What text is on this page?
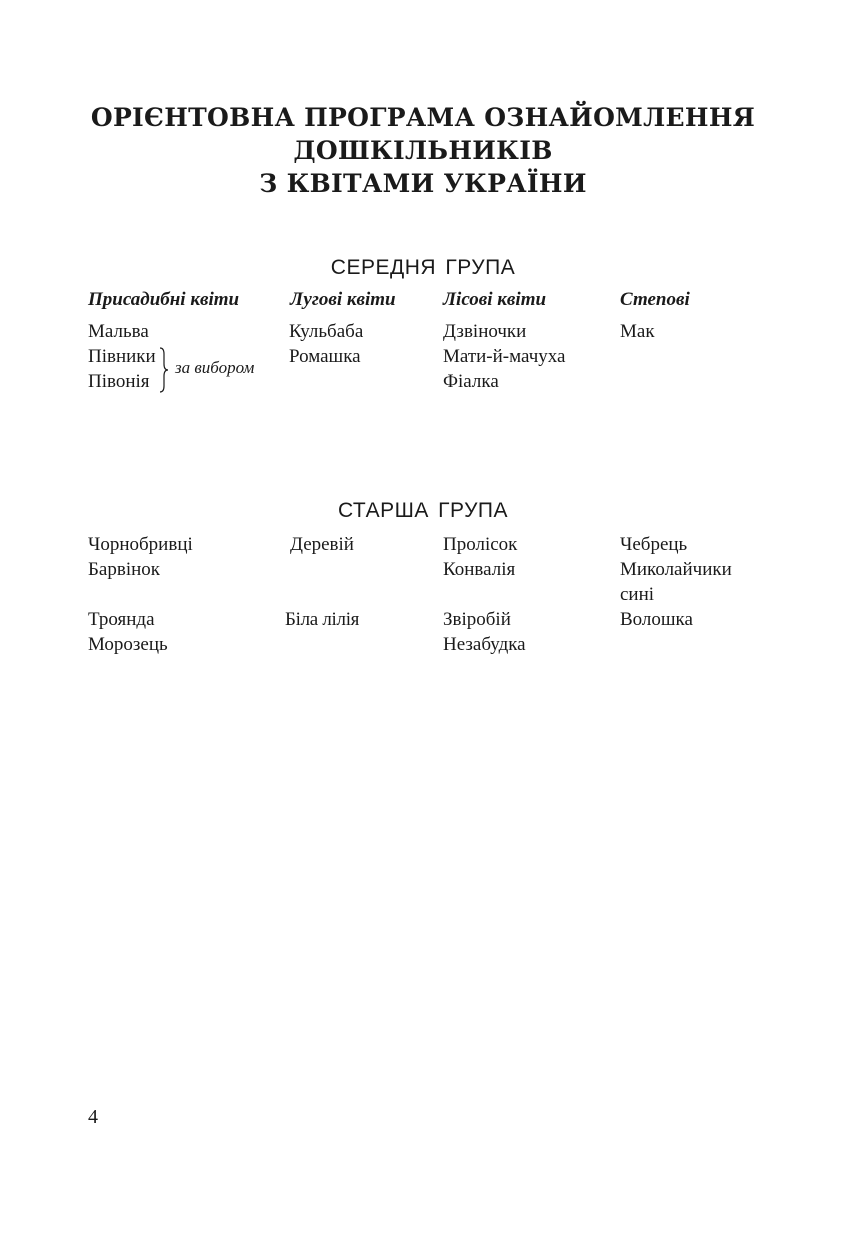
ОРІЄНТОВНА ПРОГРАМА ОЗНАЙОМЛЕННЯ
ДОШКІЛЬНИКІВ
З КВІТАМИ УКРАЇНИ
СЕРЕДНЯ ГРУПА
Присадибні квіти	Лугові квіти Лісові квіти	Степові
Мальва
Півники
Півонія
за вибором
Кульбаба
Ромашка
Дзвіночки
Мати-й-мачуха
Фіалка
Мак
СТАРША ГРУПА
Чорнобривці
Барвінок
Троянда
Морозець
Деревій
Біла лілія
Пролісок
Конвалія
Звіробій
Незабудка
Чебрець
Миколайчики
сині
Волошка
4
